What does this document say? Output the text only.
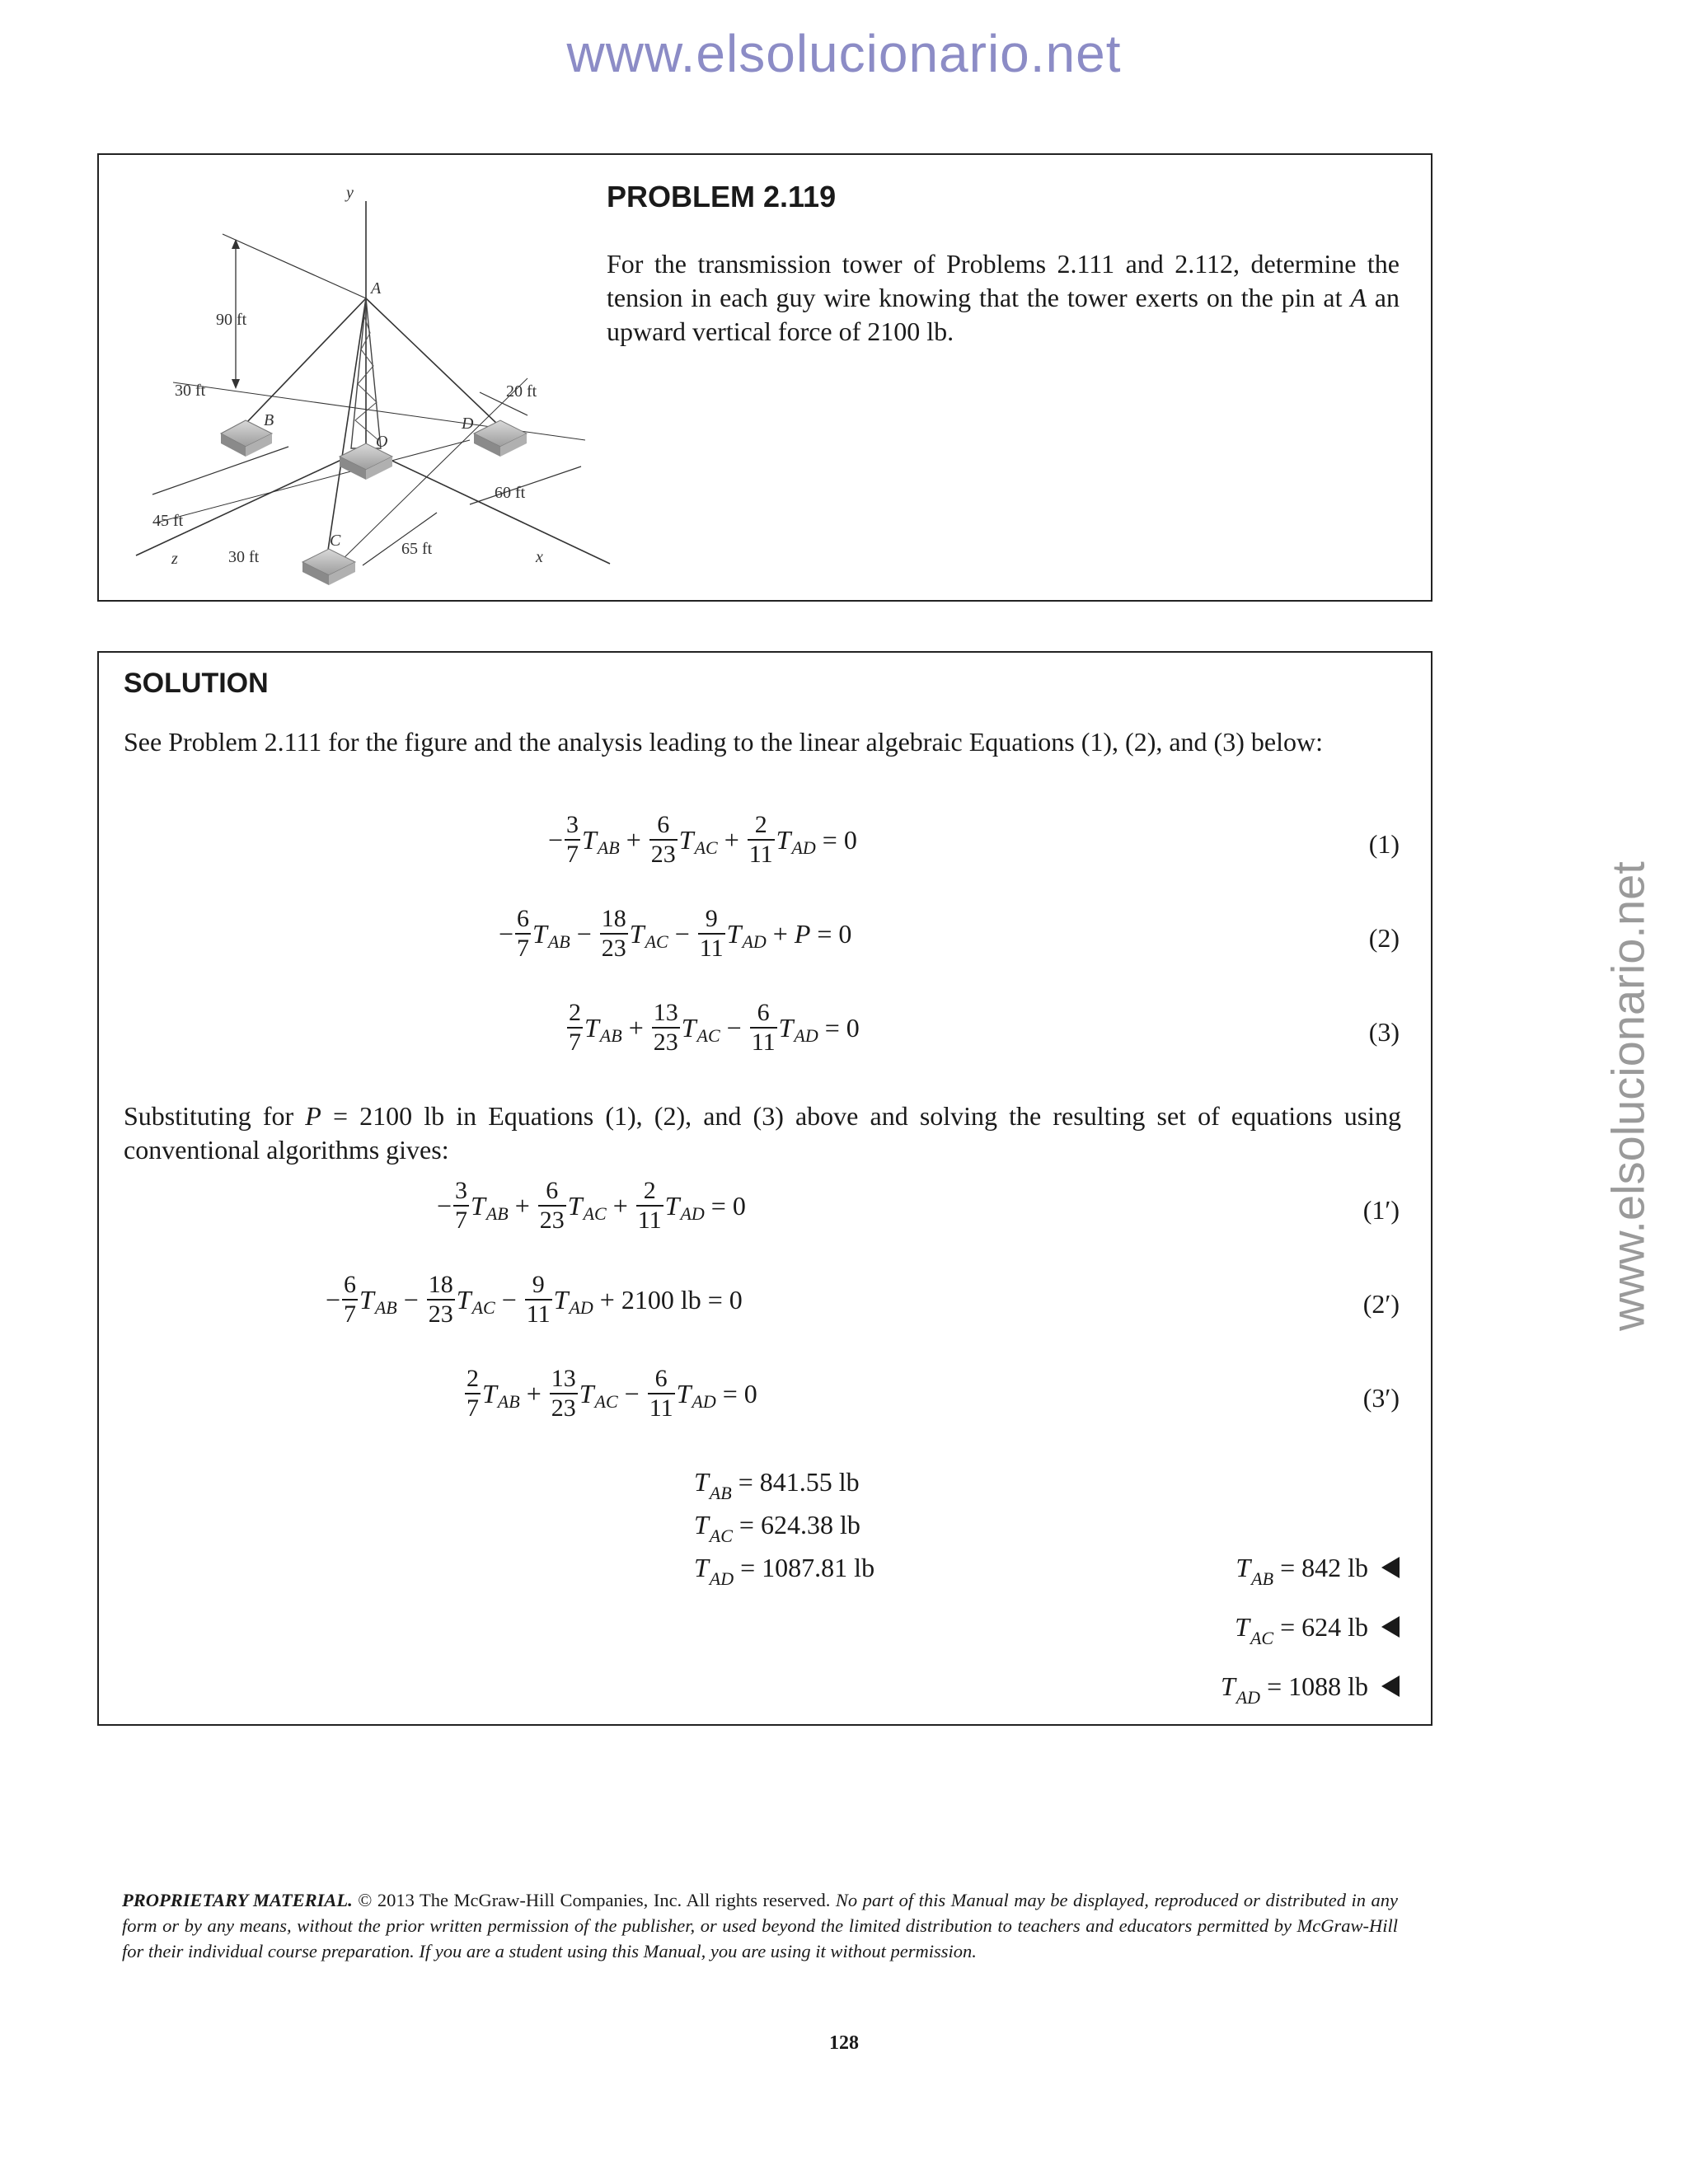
www.elsolucionario.net
www.elsolucionario.net
y
z	x
90 ft
30 ft	20 ft
60 ft
45 ft
30 ft	65 ft
A
B
C
D
O
PROBLEM 2.119
For the transmission tower of Problems 2.111 and 2.112, determine the tension in each guy wire knowing that the tower exerts on the pin at A an upward vertical force of 2100 lb.
SOLUTION
See Problem 2.111 for the figure and the analysis leading to the linear algebraic Equations (1), (2), and (3) below:
− $\frac{3}{7}$ T AB + $\frac{6}{23}$ T AC + $\frac{2}{11}$ T AD = 0	(1)
− $\frac{6}{7}$ T AB − $\frac{18}{23}$ T AC − $\frac{9}{11}$ T AD + P = 0	(2)
$\frac{2}{7}$ T AB + $\frac{13}{23}$ T AC − $\frac{6}{11}$ T AD = 0	(3)
Substituting for P = 2100 lb in Equations (1), (2), and (3) above and solving the resulting set of equations using conventional algorithms gives:
− $\frac{3}{7}$ T AB + $\frac{6}{23}$ T AC + $\frac{2}{11}$ T AD = 0	(1′)
− $\frac{6}{7}$ T AB − $\frac{18}{23}$ T AC − $\frac{9}{11}$ T AD + 2100 lb = 0	(2′)
$\frac{2}{7}$ T AB + $\frac{13}{23}$ T AC − $\frac{6}{11}$ T AD = 0	(3′)
$T_{AB} = 841.55$ lb
$T_{AC} = 624.38$ lb
$T_{AD} = 1087.81$ lb	$T_{AB} = 842$ lb
$T_{AC} = 624$ lb
$T_{AD} = 1088$ lb
PROPRIETARY MATERIAL. © 2013 The McGraw-Hill Companies, Inc. All rights reserved. No part of this Manual may be displayed, reproduced or distributed in any form or by any means, without the prior written permission of the publisher, or used beyond the limited distribution to teachers and educators permitted by McGraw-Hill for their individual course preparation. If you are a student using this Manual, you are using it without permission.
128
